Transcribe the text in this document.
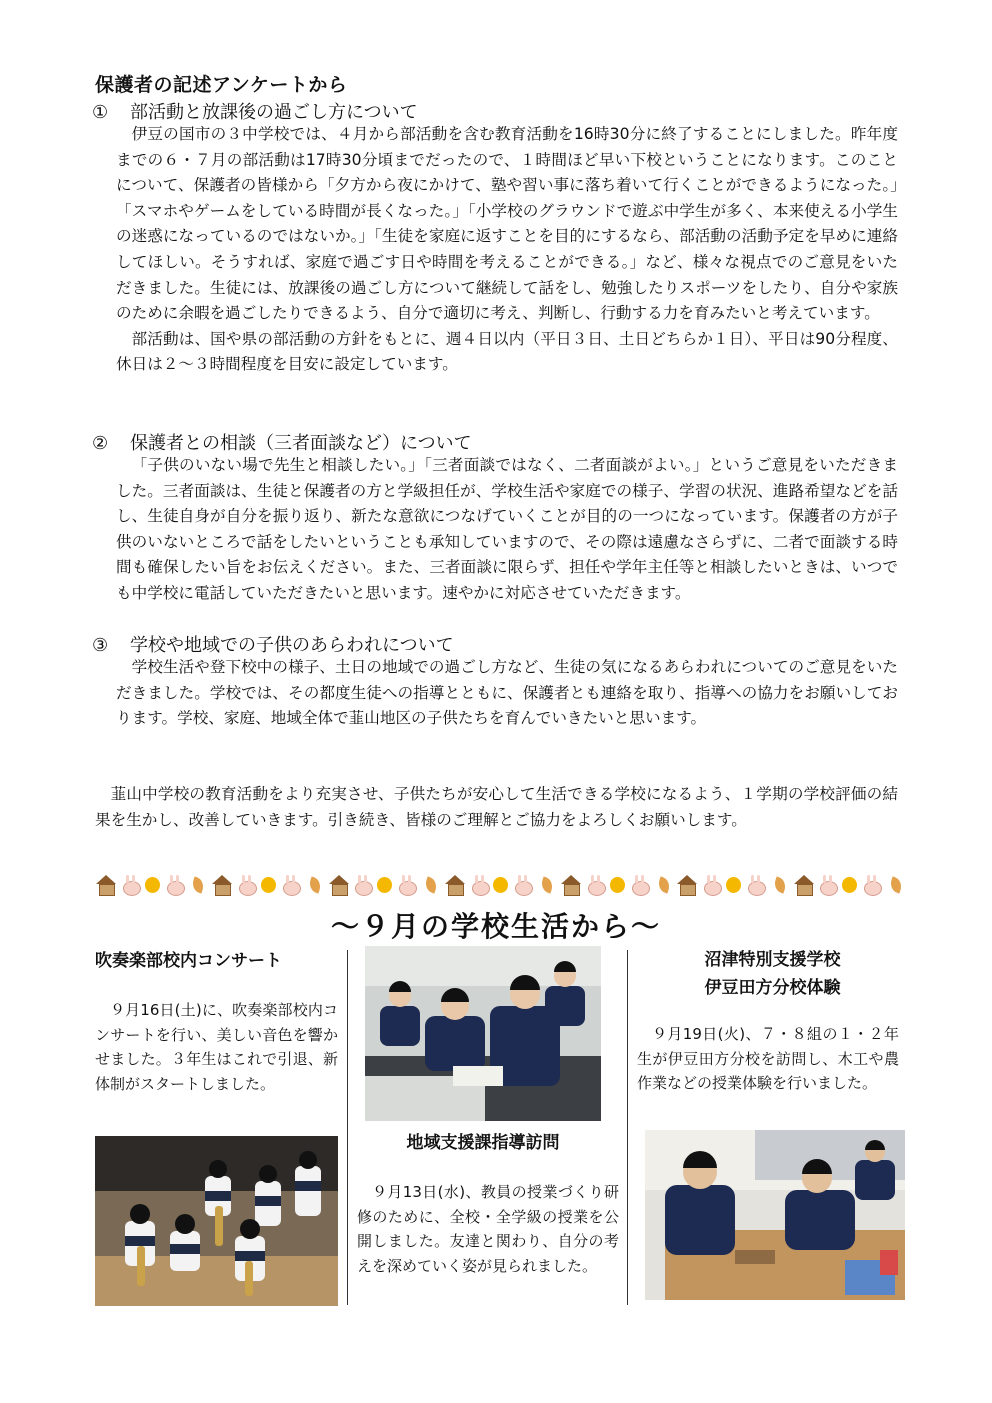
保護者の記述アンケートから
① 部活動と放課後の過ごし方について

伊豆の国市の３中学校では、４月から部活動を含む教育活動を16時30分に終了することにしました。昨年度までの６・７月の部活動は17時30分頃までだったので、１時間ほど早い下校ということになります。このことについて、保護者の皆様から「夕方から夜にかけて、塾や習い事に落ち着いて行くことができるようになった。」「スマホやゲームをしている時間が長くなった。」「小学校のグラウンドで遊ぶ中学生が多く、本来使える小学生の迷惑になっているのではないか。」「生徒を家庭に返すことを目的にするなら、部活動の活動予定を早めに連絡してほしい。そうすれば、家庭で過ごす日や時間を考えることができる。」など、様々な視点でのご意見をいただきました。生徒には、放課後の過ごし方について継続して話をし、勉強したりスポーツをしたり、自分や家族のために余暇を過ごしたりできるよう、自分で適切に考え、判断し、行動する力を育みたいと考えています。

部活動は、国や県の部活動の方針をもとに、週４日以内（平日３日、土日どちらか１日）、平日は90分程度、休日は２～３時間程度を目安に設定しています。

② 保護者との相談（三者面談など）について

「子供のいない場で先生と相談したい。」「三者面談ではなく、二者面談がよい。」というご意見をいただきました。三者面談は、生徒と保護者の方と学級担任が、学校生活や家庭での様子、学習の状況、進路希望などを話し、生徒自身が自分を振り返り、新たな意欲につなげていくことが目的の一つになっています。保護者の方が子供のいないところで話をしたいということも承知していますので、その際は遠慮なさらずに、二者で面談する時間も確保したい旨をお伝えください。また、三者面談に限らず、担任や学年主任等と相談したいときは、いつでも中学校に電話していただきたいと思います。速やかに対応させていただきます。

③ 学校や地域での子供のあらわれについて

学校生活や登下校中の様子、土日の地域での過ごし方など、生徒の気になるあらわれについてのご意見をいただきました。学校では、その都度生徒への指導とともに、保護者とも連絡を取り、指導への協力をお願いしております。学校、家庭、地域全体で韮山地区の子供たちを育んでいきたいと思います。

韮山中学校の教育活動をより充実させ、子供たちが安心して生活できる学校になるよう、１学期の学校評価の結果を生かし、改善していきます。引き続き、皆様のご理解とご協力をよろしくお願いします。

～９月の学校生活から～
吹奏楽部校内コンサート
９月16日(土)に、吹奏楽部校内コンサートを行い、美しい音色を響かせました。３年生はこれで引退、新体制がスタートしました。
地域支援課指導訪問
９月13日(水)、教員の授業づくり研修のために、全校・全学級の授業を公開しました。友達と関わり、自分の考えを深めていく姿が見られました。
沼津特別支援学校
伊豆田方分校体験
９月19日(火)、７・８組の１・２年生が伊豆田方分校を訪問し、木工や農作業などの授業体験を行いました。
